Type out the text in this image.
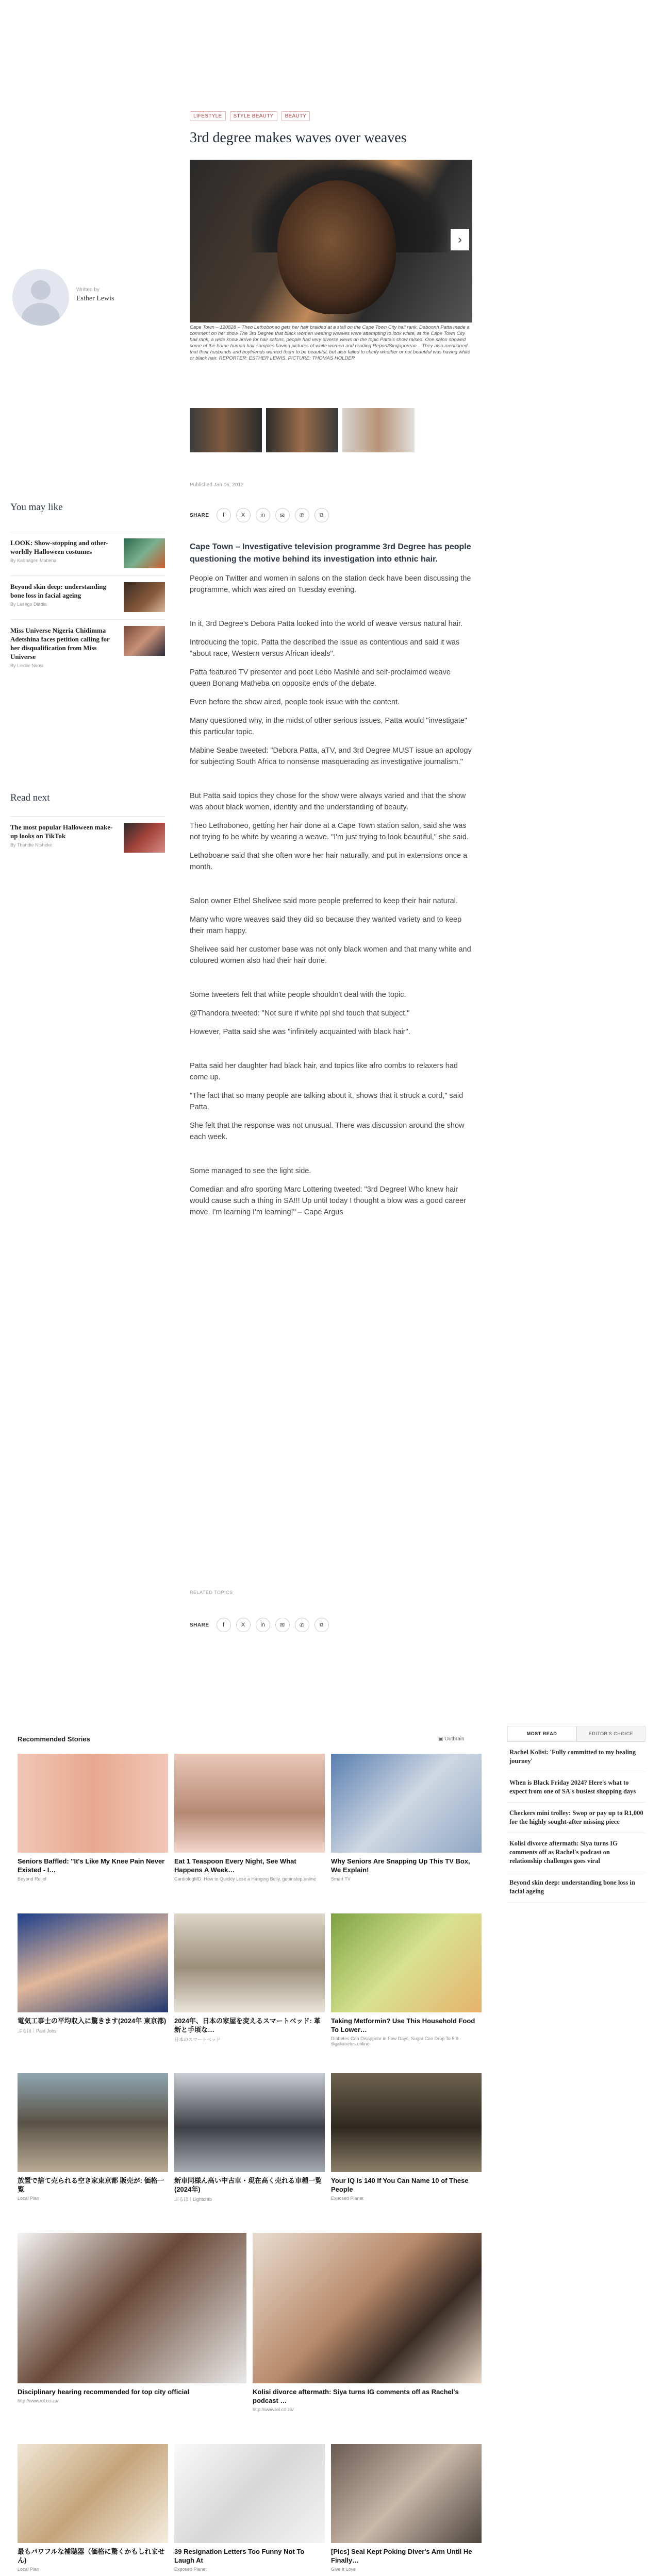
LIFESTYLE	STYLE BEAUTY	BEAUTY
3rd degree makes waves over weaves
›

Cape Town – 120828 – Theo Lethoboneo gets her hair braided at a stall on the Cape Town City hall rank. Debonnh Patta made a comment on her show The 3rd Degree that black women wearing weaves were attempting to look white, at the Cape Town City hall rank, a wide know arrive for hair salons, people had very diverse views on the topic Patta's show raised. One salon showed some of the home human hair samples having pictures of white women and reading Report/Singaporean... They also mentioned that their husbands and boyfriends wanted them to be beautiful, but also failed to clarify whether or not beautiful was having white or black hair. REPORTER: ESTHER LEWIS. PICTURE: THOMAS HOLDER

Written by
Esther Lewis
You may like
LOOK: Show-stopping and other-worldly Halloween costumes
By Karmagen Mabena
Beyond skin deep: understanding bone loss in facial ageing
By Lesego Dladla
Miss Universe Nigeria Chidimma Adetshina faces petition calling for her disqualification from Miss Universe
By Lindile Nkosi
Read next
The most popular Halloween make-up looks on TikTok
By Thandie Ntsheke
Published Jan 06, 2012
SHARE	f	X	in	✉	✆	⧉

Cape Town – Investigative television programme 3rd Degree has people questioning the motive behind its investigation into ethnic hair.

People on Twitter and women in salons on the station deck have been discussing the programme, which was aired on Tuesday evening.

In it, 3rd Degree's Debora Patta looked into the world of weave versus natural hair.

Introducing the topic, Patta the described the issue as contentious and said it was "about race, Western versus African ideals".

Patta featured TV presenter and poet Lebo Mashile and self-proclaimed weave queen Bonang Matheba on opposite ends of the debate.

Even before the show aired, people took issue with the content.

Many questioned why, in the midst of other serious issues, Patta would "investigate" this particular topic.

Mabine Seabe tweeted: "Debora Patta, aTV, and 3rd Degree MUST issue an apology for subjecting South Africa to nonsense masquerading as investigative journalism."

But Patta said topics they chose for the show were always varied and that the show was about black women, identity and the understanding of beauty.

Theo Lethoboneo, getting her hair done at a Cape Town station salon, said she was not trying to be white by wearing a weave. "I'm just trying to look beautiful," she said.

Lethoboane said that she often wore her hair naturally, and put in extensions once a month.

Salon owner Ethel Shelivee said more people preferred to keep their hair natural.

Many who wore weaves said they did so because they wanted variety and to keep their mam happy.

Shelivee said her customer base was not only black women and that many white and coloured women also had their hair done.

Some tweeters felt that white people shouldn't deal with the topic.

@Thandora tweeted: "Not sure if white ppl shd touch that subject."

However, Patta said she was "infinitely acquainted with black hair".

Patta said her daughter had black hair, and topics like afro combs to relaxers had come up.

"The fact that so many people are talking about it, shows that it struck a cord," said Patta.

She felt that the response was not unusual. There was discussion around the show each week.

Some managed to see the light side.

Comedian and afro sporting Marc Lottering tweeted: "3rd Degree! Who knew hair would cause such a thing in SA!!! Up until today I thought a blow was a good career move. I'm learning I'm learning!" – Cape Argus

RELATED TOPICS
SHARE	f	X	in	✉	✆	⧉
Recommended Stories	▣ Outbrain
Seniors Baffled: "It's Like My Knee Pain Never Existed - I…
Beyond Relief
Eat 1 Teaspoon Every Night, See What Happens A Week…
CardiologMD: How to Quickly Lose a Hanging Belly. gettinstep.online
Why Seniors Are Snapping Up This TV Box, We Explain!
Smart TV
電気工事士の平均収入に驚きます(2024年 東京都)
ぶるほ｜Paid Jobs
2024年、日本の家屋を変えるスマートベッド: 革新と手頃な…
日本のスマートベッド
Taking Metformin? Use This Household Food To Lower…
Diabetes Can Disappear in Few Days, Sugar Can Drop To 5.9 · digidiabetes.online
放置で捨て売られる空き家東京都 販売が: 価格一覧
Local Plan
新車同様ん高い中古車・現在高く売れる車種一覧 (2024年)
ぶるほ｜Lightcrab
Your IQ Is 140 If You Can Name 10 of These People
Exposed Planet
Disciplinary hearing recommended for top city official
http://www.iol.co.za/
Kolisi divorce aftermath: Siya turns IG comments off as Rachel's podcast …
http://www.iol.co.za/
最もパワフルな補聴器（価格に驚くかもしれません)
Local Plan
39 Resignation Letters Too Funny Not To Laugh At
Exposed Planet
[Pics] Seal Kept Poking Diver's Arm Until He Finally…
Give It Love
MOST READ	EDITOR'S CHOICE
Rachel Kolisi: 'Fully committed to my healing journey'
When is Black Friday 2024? Here's what to expect from one of SA's busiest shopping days
Checkers mini trolley: Swop or pay up to R1,000 for the highly sought-after missing piece
Kolisi divorce aftermath: Siya turns IG comments off as Rachel's podcast on relationship challenges goes viral
Beyond skin deep: understanding bone loss in facial ageing
